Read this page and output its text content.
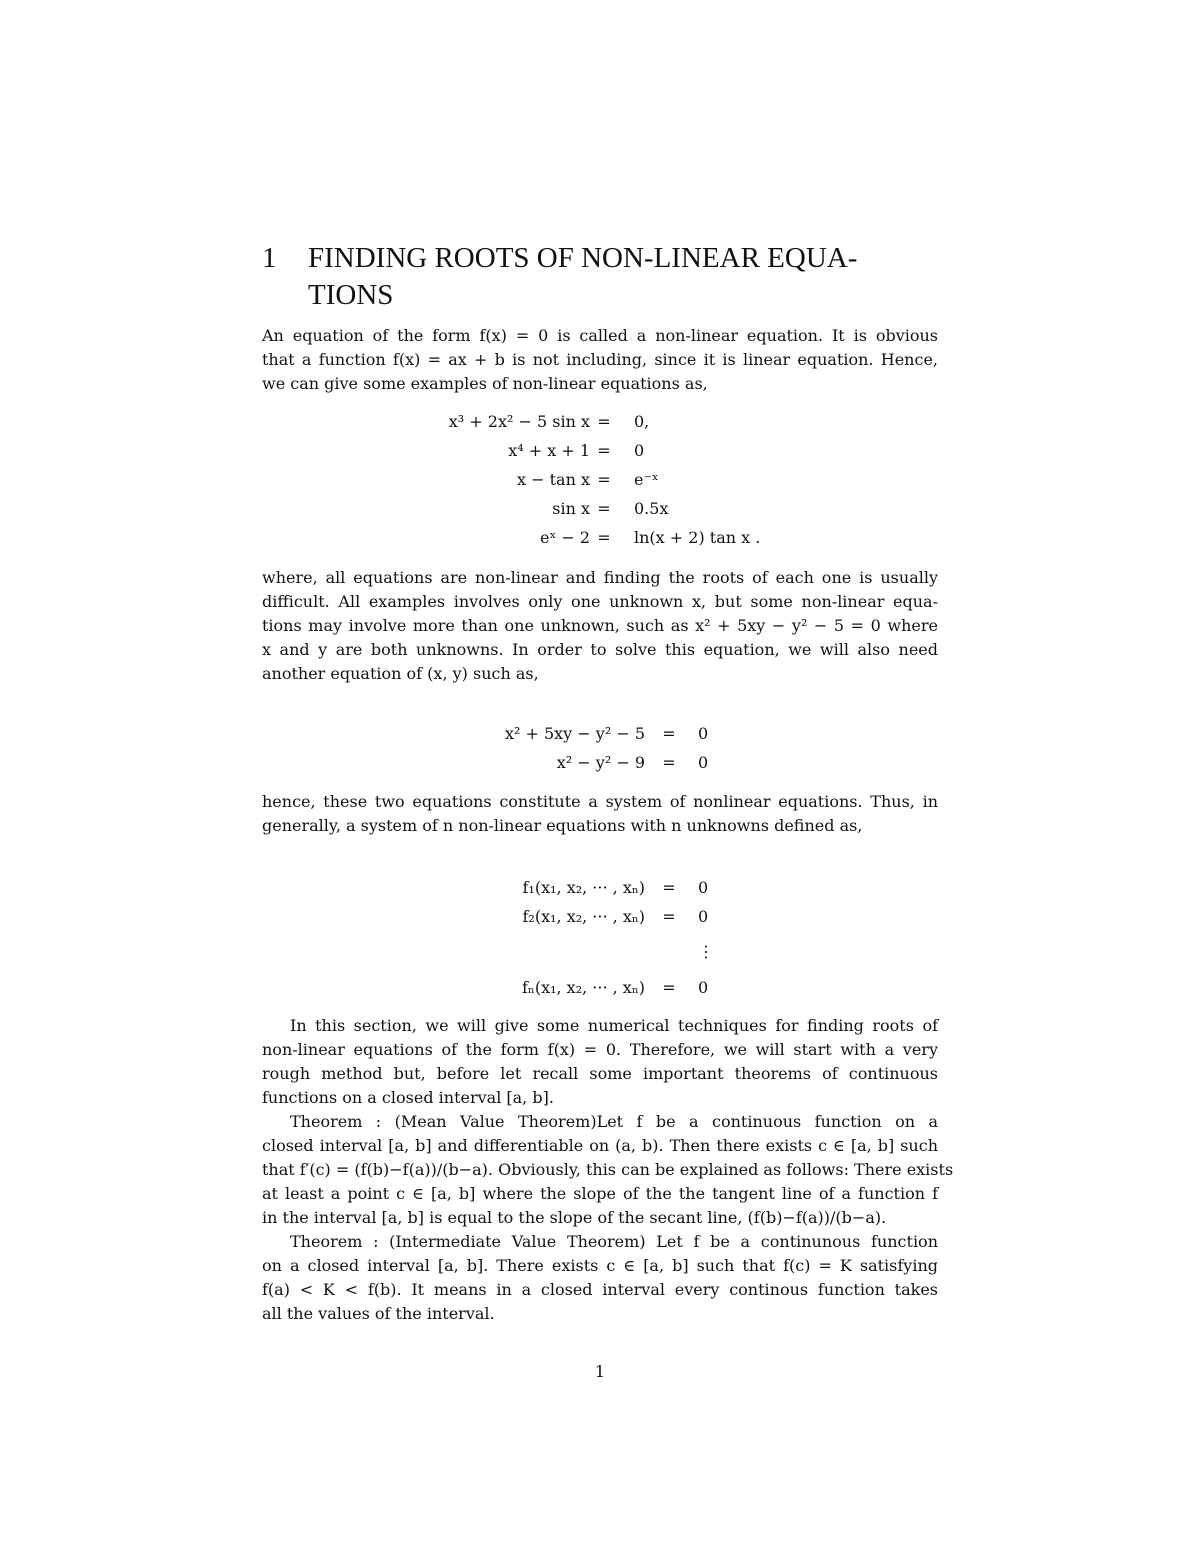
1 FINDING ROOTS OF NON-LINEAR EQUA-
TIONS
An equation of the form f(x) = 0 is called a non-linear equation. It is obvious
that a function f(x) = ax + b is not including, since it is linear equation. Hence,
we can give some examples of non-linear equations as,
x³ + 2x² − 5 sin x = 0,
x⁴ + x + 1 = 0
x − tan x = e⁻ˣ
sin x = 0.5x
eˣ − 2 = ln(x + 2) tan x .
where, all equations are non-linear and finding the roots of each one is usually
difficult. All examples involves only one unknown x, but some non-linear equa-
tions may involve more than one unknown, such as x² + 5xy − y² − 5 = 0 where
x and y are both unknowns. In order to solve this equation, we will also need
another equation of (x, y) such as,
x² + 5xy − y² − 5 = 0
x² − y² − 9 = 0
hence, these two equations constitute a system of nonlinear equations. Thus, in
generally, a system of n non-linear equations with n unknowns defined as,
f₁(x₁, x₂, ··· , xₙ) = 0
f₂(x₁, x₂, ··· , xₙ) = 0
⋮
fₙ(x₁, x₂, ··· , xₙ) = 0
In this section, we will give some numerical techniques for finding roots of
non-linear equations of the form f(x) = 0. Therefore, we will start with a very
rough method but, before let recall some important theorems of continuous
functions on a closed interval [a, b].
Theorem : (Mean Value Theorem)Let f be a continuous function on a
closed interval [a, b] and differentiable on (a, b). Then there exists c ∈ [a, b] such
that f′(c) = (f(b)−f(a))/(b−a). Obviously, this can be explained as follows: There exists
at least a point c ∈ [a, b] where the slope of the the tangent line of a function f
in the interval [a, b] is equal to the slope of the secant line, (f(b)−f(a))/(b−a).
Theorem : (Intermediate Value Theorem) Let f be a continunous function
on a closed interval [a, b]. There exists c ∈ [a, b] such that f(c) = K satisfying
f(a) < K < f(b). It means in a closed interval every continous function takes
all the values of the interval.
1
